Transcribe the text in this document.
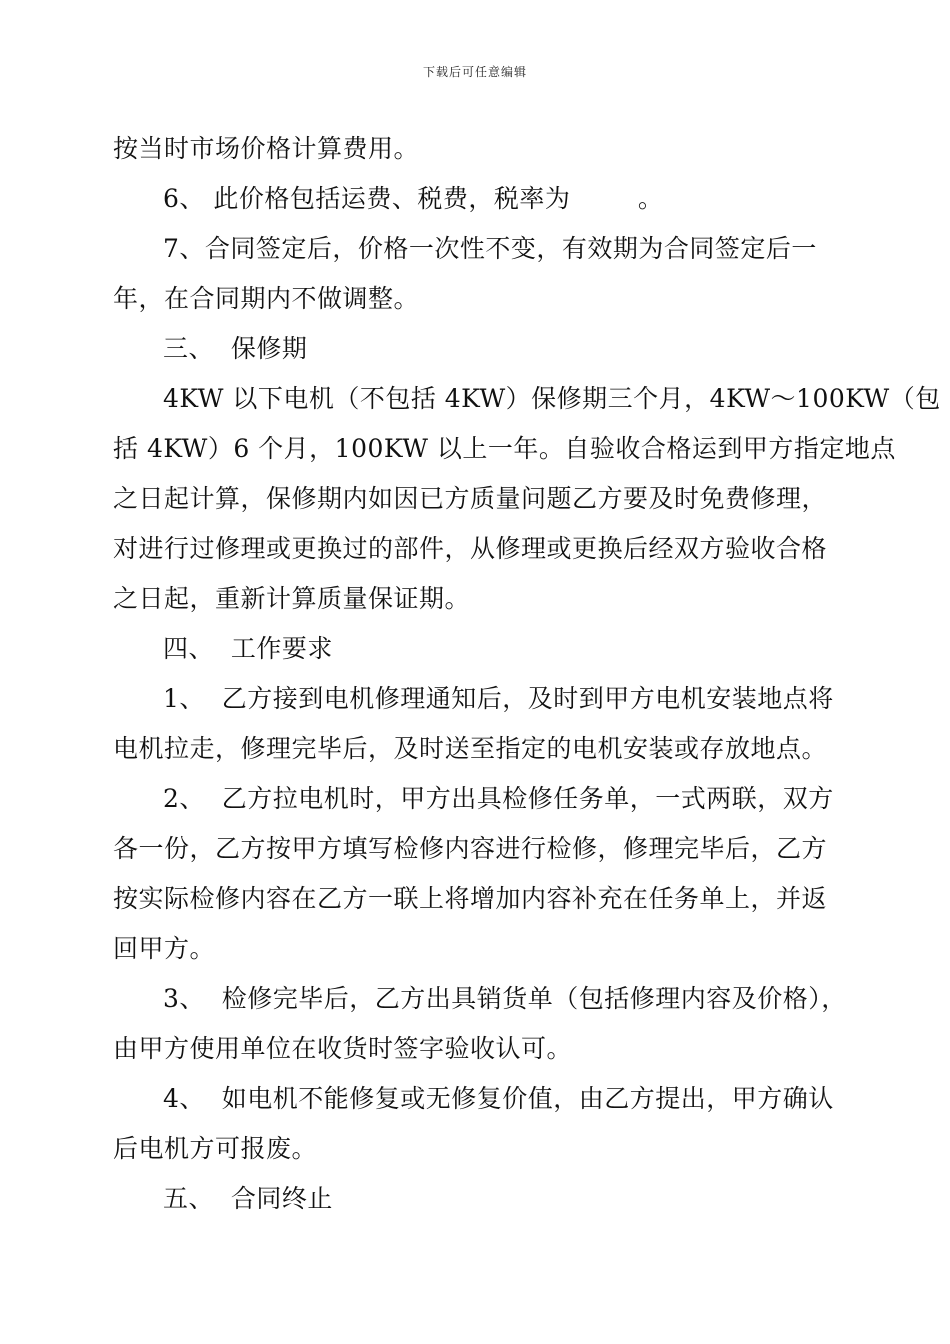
下载后可任意编辑
按当时市场价格计算费用。
6、 此价格包括运费、税费，税率为        。
7、合同签定后，价格一次性不变，有效期为合同签定后一
年，在合同期内不做调整。
三、  保修期
4KW 以下电机（不包括 4KW）保修期三个月，4KW～100KW（包
括 4KW）6 个月，100KW 以上一年。自验收合格运到甲方指定地点
之日起计算，保修期内如因已方质量问题乙方要及时免费修理，
对进行过修理或更换过的部件，从修理或更换后经双方验收合格
之日起，重新计算质量保证期。
四、  工作要求
1、  乙方接到电机修理通知后，及时到甲方电机安装地点将
电机拉走，修理完毕后，及时送至指定的电机安装或存放地点。
2、  乙方拉电机时，甲方出具检修任务单，一式两联，双方
各一份，乙方按甲方填写检修内容进行检修，修理完毕后，乙方
按实际检修内容在乙方一联上将增加内容补充在任务单上，并返
回甲方。
3、  检修完毕后，乙方出具销货单（包括修理内容及价格），
由甲方使用单位在收货时签字验收认可。
4、  如电机不能修复或无修复价值，由乙方提出，甲方确认
后电机方可报废。
五、  合同终止
